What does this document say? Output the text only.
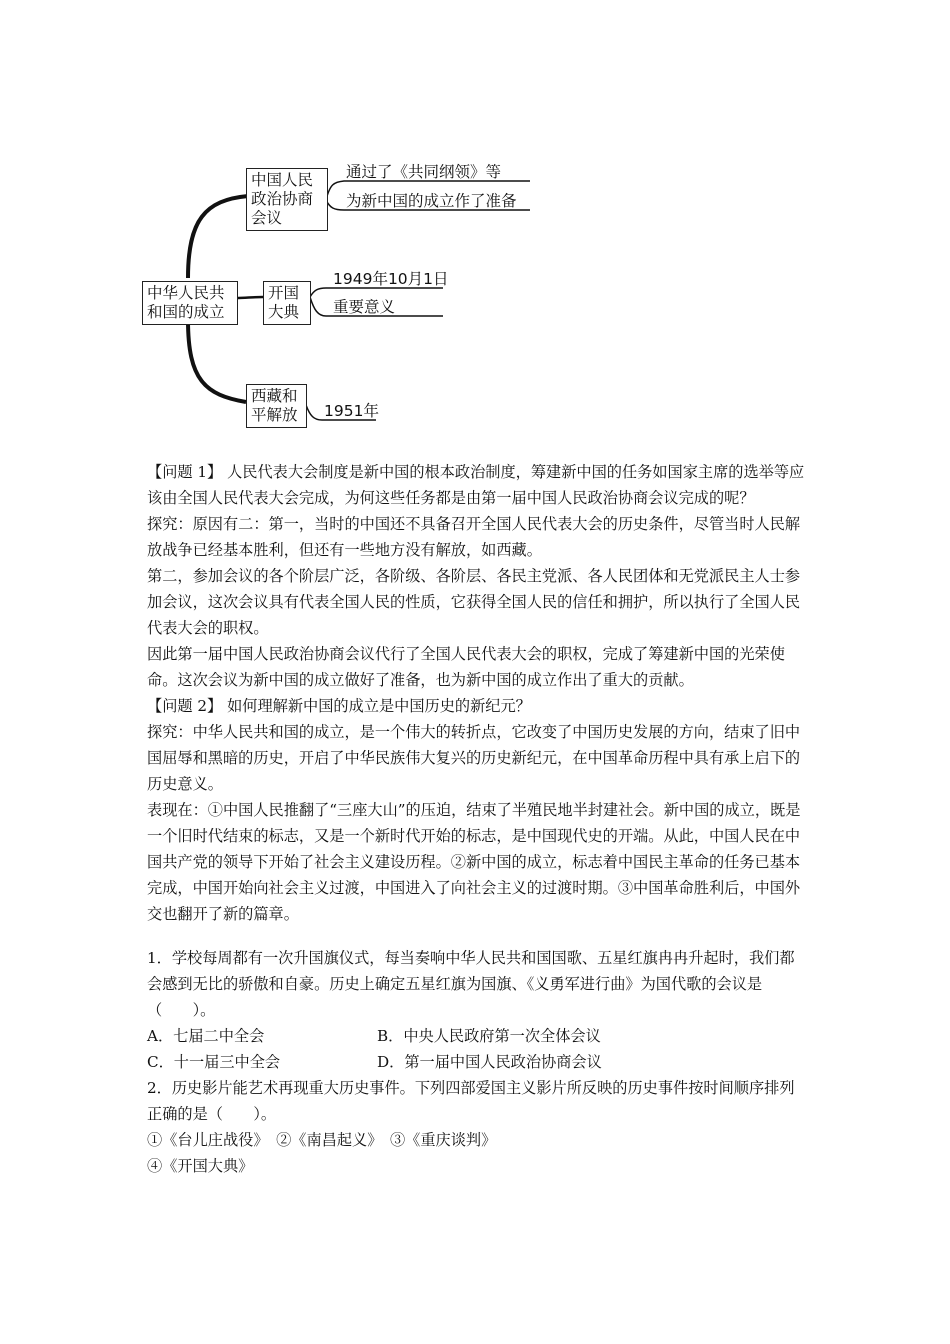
中华人民共
和国的成立
中国人民
政治协商
会议
通过了《共同纲领》等
为新中国的成立作了准备
开国
大典
1949年10月1日
重要意义
西藏和
平解放 1951年

【问题 1】 人民代表大会制度是新中国的根本政治制度，筹建新中国的任务如国家主席的选举等应该由全国人民代表大会完成，为何这些任务都是由第一届中国人民政治协商会议完成的呢？

探究：原因有二：第一，当时的中国还不具备召开全国人民代表大会的历史条件，尽管当时人民解放战争已经基本胜利，但还有一些地方没有解放，如西藏。

第二，参加会议的各个阶层广泛，各阶级、各阶层、各民主党派、各人民团体和无党派民主人士参加会议，这次会议具有代表全国人民的性质，它获得全国人民的信任和拥护，所以执行了全国人民代表大会的职权。

因此第一届中国人民政治协商会议代行了全国人民代表大会的职权，完成了筹建新中国的光荣使命。这次会议为新中国的成立做好了准备，也为新中国的成立作出了重大的贡献。

【问题 2】 如何理解新中国的成立是中国历史的新纪元？

探究：中华人民共和国的成立，是一个伟大的转折点，它改变了中国历史发展的方向，结束了旧中国屈辱和黑暗的历史，开启了中华民族伟大复兴的历史新纪元，在中国革命历程中具有承上启下的历史意义。

表现在：①中国人民推翻了“三座大山”的压迫，结束了半殖民地半封建社会。新中国的成立，既是一个旧时代结束的标志，又是一个新时代开始的标志，是中国现代史的开端。从此，中国人民在中国共产党的领导下开始了社会主义建设历程。②新中国的成立，标志着中国民主革命的任务已基本完成，中国开始向社会主义过渡，中国进入了向社会主义的过渡时期。③中国革命胜利后，中国外交也翻开了新的篇章。

1．学校每周都有一次升国旗仪式，每当奏响中华人民共和国国歌、五星红旗冉冉升起时，我们都会感到无比的骄傲和自豪。历史上确定五星红旗为国旗、《义勇军进行曲》为国代歌的会议是（　　）。

A．七届二中全会	B．中央人民政府第一次全体会议
C．十一届三中全会	D．第一届中国人民政治协商会议

2．历史影片能艺术再现重大历史事件。下列四部爱国主义影片所反映的历史事件按时间顺序排列正确的是（　　）。

①《台儿庄战役》　②《南昌起义》　③《重庆谈判》

④《开国大典》
